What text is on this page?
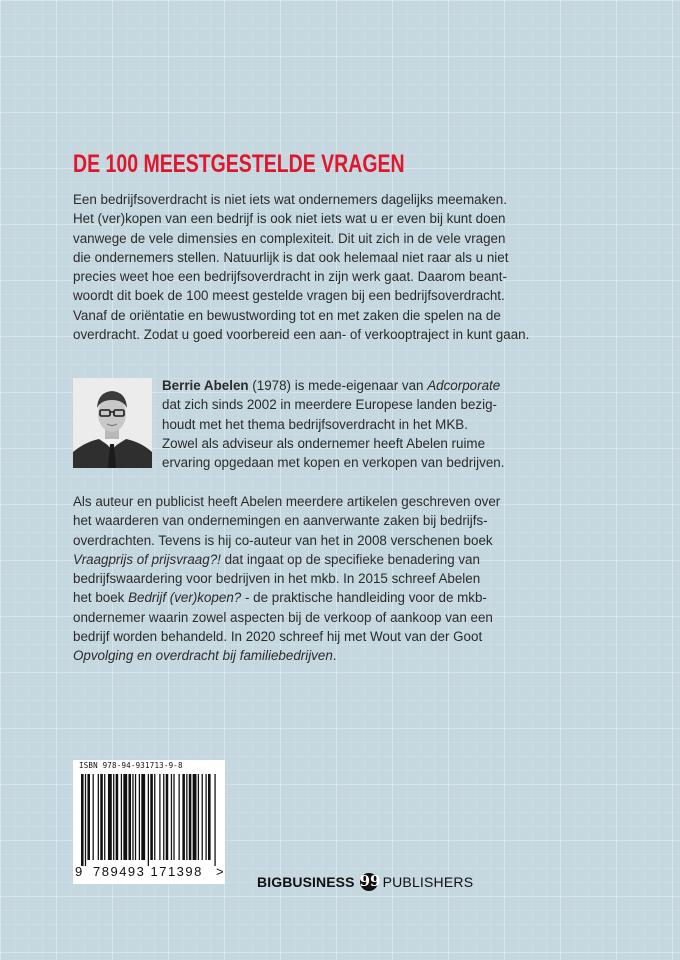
DE 100 MEESTGESTELDE VRAGEN
Een bedrijfsoverdracht is niet iets wat ondernemers dagelijks meemaken.
Het (ver)kopen van een bedrijf is ook niet iets wat u er even bij kunt doen
vanwege de vele dimensies en complexiteit. Dit uit zich in de vele vragen
die ondernemers stellen. Natuurlijk is dat ook helemaal niet raar als u niet
precies weet hoe een bedrijfsoverdracht in zijn werk gaat. Daarom beant-
woordt dit boek de 100 meest gestelde vragen bij een bedrijfsoverdracht.
Vanaf de oriëntatie en bewustwording tot en met zaken die spelen na de
overdracht. Zodat u goed voorbereid een aan- of verkooptraject in kunt gaan.
Berrie Abelen (1978) is mede-eigenaar van Adcorporate
dat zich sinds 2002 in meerdere Europese landen bezig-
houdt met het thema bedrijfsoverdracht in het MKB.
Zowel als adviseur als ondernemer heeft Abelen ruime
ervaring opgedaan met kopen en verkopen van bedrijven.
Als auteur en publicist heeft Abelen meerdere artikelen geschreven over
het waarderen van ondernemingen en aanverwante zaken bij bedrijfs-
overdrachten. Tevens is hij co-auteur van het in 2008 verschenen boek
Vraagprijs of prijsvraag?! dat ingaat op de specifieke benadering van
bedrijfswaardering voor bedrijven in het mkb. In 2015 schreef Abelen
het boek Bedrijf (ver)kopen? - de praktische handleiding voor de mkb-
ondernemer waarin zowel aspecten bij de verkoop of aankoop van een
bedrijf worden behandeld. In 2020 schreef hij met Wout van der Goot
Opvolging en overdracht bij familiebedrijven.
ISBN 978-94-931713-9-8
9 789493 171398 >
BIGBUSINESS 99 PUBLISHERS
